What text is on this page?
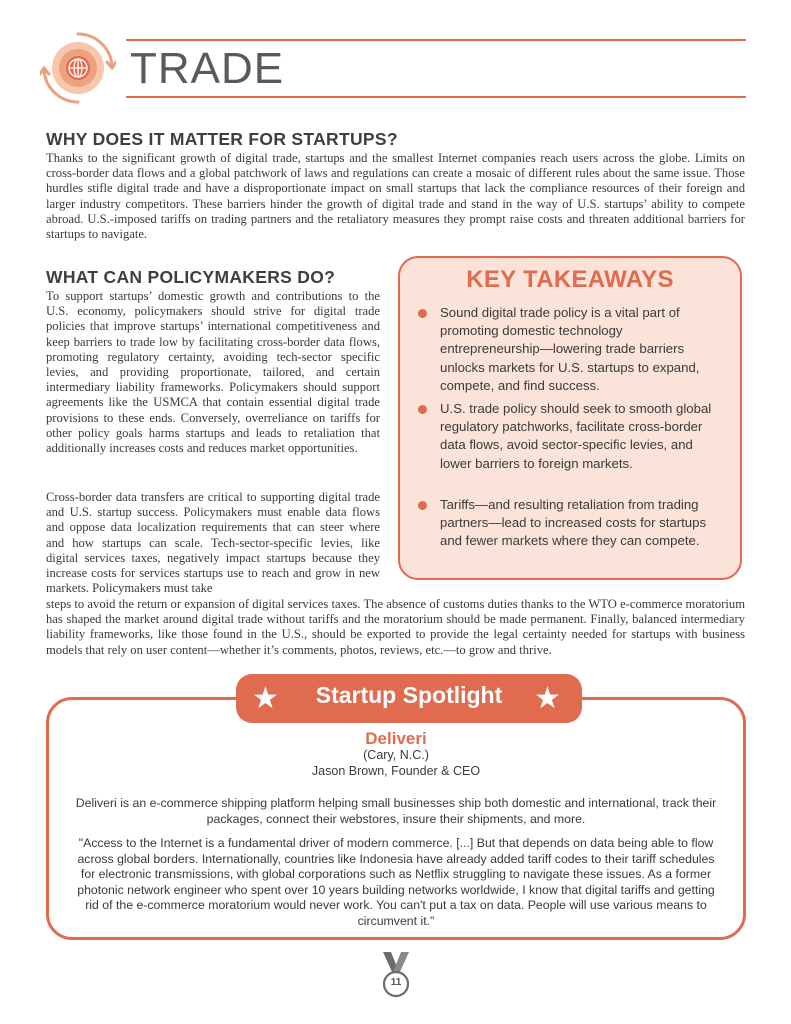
TRADE
WHY DOES IT MATTER FOR STARTUPS?
Thanks to the significant growth of digital trade, startups and the smallest Internet companies reach users across the globe. Limits on cross-border data flows and a global patchwork of laws and regulations can create a mosaic of different rules about the same issue. Those hurdles stifle digital trade and have a disproportionate impact on small startups that lack the compliance resources of their foreign and larger industry competitors. These barriers hinder the growth of digital trade and stand in the way of U.S. startups’ ability to compete abroad. U.S.-imposed tariffs on trading partners and the retaliatory measures they prompt raise costs and threaten additional barriers for startups to navigate.
WHAT CAN POLICYMAKERS DO?
To support startups’ domestic growth and contributions to the U.S. economy, policymakers should strive for digital trade policies that improve startups’ international competitiveness and keep barriers to trade low by facilitating cross-border data flows, promoting regulatory certainty, avoiding tech-sector specific levies, and providing proportionate, tailored, and certain intermediary liability frameworks. Policymakers should support agreements like the USMCA that contain essential digital trade provisions to these ends. Conversely, overreliance on tariffs for other policy goals harms startups and leads to retaliation that additionally increases costs and reduces market opportunities.
Cross-border data transfers are critical to supporting digital trade and U.S. startup success. Policymakers must enable data flows and oppose data localization requirements that can steer where and how startups can scale. Tech-sector-specific levies, like digital services taxes, negatively impact startups because they increase costs for services startups use to reach and grow in new markets. Policymakers must take
steps to avoid the return or expansion of digital services taxes. The absence of customs duties thanks to the WTO e-commerce moratorium has shaped the market around digital trade without tariffs and the moratorium should be made permanent. Finally, balanced intermediary liability frameworks, like those found in the U.S., should be exported to provide the legal certainty needed for startups with business models that rely on user content—whether it’s comments, photos, reviews, etc.—to grow and thrive.
KEY TAKEAWAYS
Sound digital trade policy is a vital part of promoting domestic technology entrepreneurship—lowering trade barriers unlocks markets for U.S. startups to expand, compete, and find success.
U.S. trade policy should seek to smooth global regulatory patchworks, facilitate cross-border data flows, avoid sector-specific levies, and lower barriers to foreign markets.
Tariffs—and resulting retaliation from trading partners—lead to increased costs for startups and fewer markets where they can compete.
★	★
Startup Spotlight
Deliveri
(Cary, N.C.)
Jason Brown, Founder & CEO
Deliveri is an e-commerce shipping platform helping small businesses ship both domestic and international, track their packages, connect their webstores, insure their shipments, and more.
"Access to the Internet is a fundamental driver of modern commerce. [...] But that depends on data being able to flow across global borders. Internationally, countries like Indonesia have already added tariff codes to their tariff schedules for electronic transmissions, with global corporations such as Netflix struggling to navigate these issues. As a former photonic network engineer who spent over 10 years building networks worldwide, I know that digital tariffs and getting rid of the e-commerce moratorium would never work. You can't put a tax on data. People will use various means to circumvent it."
11
